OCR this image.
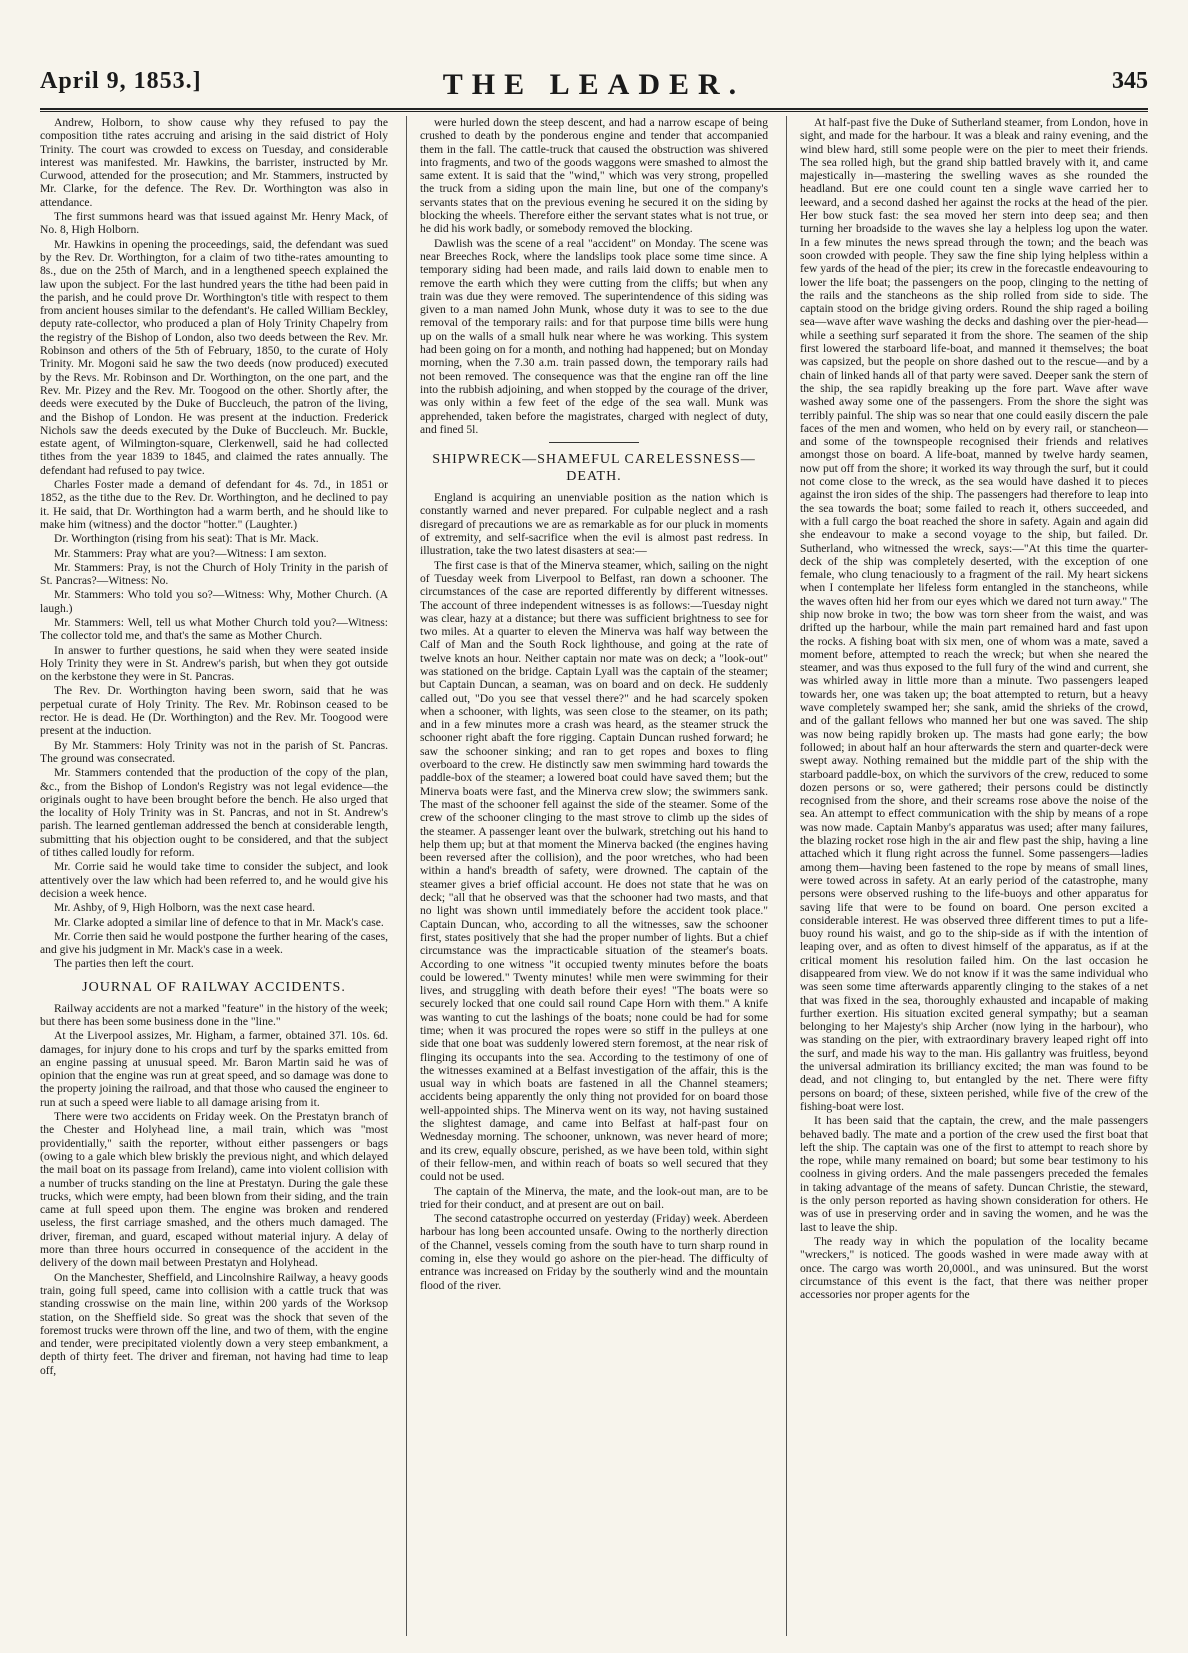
April 9, 1853.]	THE LEADER.	345

Andrew, Holborn, to show cause why they refused to pay the composition tithe rates accruing and arising in the said district of Holy Trinity. The court was crowded to excess on Tuesday, and considerable interest was manifested. Mr. Hawkins, the barrister, instructed by Mr. Curwood, attended for the prosecution; and Mr. Stammers, instructed by Mr. Clarke, for the defence. The Rev. Dr. Worthington was also in attendance.

The first summons heard was that issued against Mr. Henry Mack, of No. 8, High Holborn.

Mr. Hawkins in opening the proceedings, said, the defendant was sued by the Rev. Dr. Worthington, for a claim of two tithe-rates amounting to 8s., due on the 25th of March, and in a lengthened speech explained the law upon the subject. For the last hundred years the tithe had been paid in the parish, and he could prove Dr. Worthington's title with respect to them from ancient houses similar to the defendant's. He called William Beckley, deputy rate-collector, who produced a plan of Holy Trinity Chapelry from the registry of the Bishop of London, also two deeds between the Rev. Mr. Robinson and others of the 5th of February, 1850, to the curate of Holy Trinity. Mr. Mogoni said he saw the two deeds (now produced) executed by the Revs. Mr. Robinson and Dr. Worthington, on the one part, and the Rev. Mr. Pizey and the Rev. Mr. Toogood on the other. Shortly after, the deeds were executed by the Duke of Buccleuch, the patron of the living, and the Bishop of London. He was present at the induction. Frederick Nichols saw the deeds executed by the Duke of Buccleuch. Mr. Buckle, estate agent, of Wilmington-square, Clerkenwell, said he had collected tithes from the year 1839 to 1845, and claimed the rates annually. The defendant had refused to pay twice.

Charles Foster made a demand of defendant for 4s. 7d., in 1851 or 1852, as the tithe due to the Rev. Dr. Worthington, and he declined to pay it. He said, that Dr. Worthington had a warm berth, and he should like to make him (witness) and the doctor "hotter." (Laughter.)

Dr. Worthington (rising from his seat): That is Mr. Mack.

Mr. Stammers: Pray what are you?—Witness: I am sexton.

Mr. Stammers: Pray, is not the Church of Holy Trinity in the parish of St. Pancras?—Witness: No.

Mr. Stammers: Who told you so?—Witness: Why, Mother Church. (A laugh.)

Mr. Stammers: Well, tell us what Mother Church told you?—Witness: The collector told me, and that's the same as Mother Church.

In answer to further questions, he said when they were seated inside Holy Trinity they were in St. Andrew's parish, but when they got outside on the kerbstone they were in St. Pancras.

The Rev. Dr. Worthington having been sworn, said that he was perpetual curate of Holy Trinity. The Rev. Mr. Robinson ceased to be rector. He is dead. He (Dr. Worthington) and the Rev. Mr. Toogood were present at the induction.

By Mr. Stammers: Holy Trinity was not in the parish of St. Pancras. The ground was consecrated.

Mr. Stammers contended that the production of the copy of the plan, &c., from the Bishop of London's Registry was not legal evidence—the originals ought to have been brought before the bench. He also urged that the locality of Holy Trinity was in St. Pancras, and not in St. Andrew's parish. The learned gentleman addressed the bench at considerable length, submitting that his objection ought to be considered, and that the subject of tithes called loudly for reform.

Mr. Corrie said he would take time to consider the subject, and look attentively over the law which had been referred to, and he would give his decision a week hence.

Mr. Ashby, of 9, High Holborn, was the next case heard.

Mr. Clarke adopted a similar line of defence to that in Mr. Mack's case.

Mr. Corrie then said he would postpone the further hearing of the cases, and give his judgment in Mr. Mack's case in a week.

The parties then left the court.

JOURNAL OF RAILWAY ACCIDENTS.

Railway accidents are not a marked "feature" in the history of the week; but there has been some business done in the "line."

At the Liverpool assizes, Mr. Higham, a farmer, obtained 37l. 10s. 6d. damages, for injury done to his crops and turf by the sparks emitted from an engine passing at unusual speed. Mr. Baron Martin said he was of opinion that the engine was run at great speed, and so damage was done to the property joining the railroad, and that those who caused the engineer to run at such a speed were liable to all damage arising from it.

There were two accidents on Friday week. On the Prestatyn branch of the Chester and Holyhead line, a mail train, which was "most providentially," saith the reporter, without either passengers or bags (owing to a gale which blew briskly the previous night, and which delayed the mail boat on its passage from Ireland), came into violent collision with a number of trucks standing on the line at Prestatyn. During the gale these trucks, which were empty, had been blown from their siding, and the train came at full speed upon them. The engine was broken and rendered useless, the first carriage smashed, and the others much damaged. The driver, fireman, and guard, escaped without material injury. A delay of more than three hours occurred in consequence of the accident in the delivery of the down mail between Prestatyn and Holyhead.

On the Manchester, Sheffield, and Lincolnshire Railway, a heavy goods train, going full speed, came into collision with a cattle truck that was standing crosswise on the main line, within 200 yards of the Worksop station, on the Sheffield side. So great was the shock that seven of the foremost trucks were thrown off the line, and two of them, with the engine and tender, were precipitated violently down a very steep embankment, a depth of thirty feet. The driver and fireman, not having had time to leap off,

were hurled down the steep descent, and had a narrow escape of being crushed to death by the ponderous engine and tender that accompanied them in the fall. The cattle-truck that caused the obstruction was shivered into fragments, and two of the goods waggons were smashed to almost the same extent. It is said that the "wind," which was very strong, propelled the truck from a siding upon the main line, but one of the company's servants states that on the previous evening he secured it on the siding by blocking the wheels. Therefore either the servant states what is not true, or he did his work badly, or somebody removed the blocking.

Dawlish was the scene of a real "accident" on Monday. The scene was near Breeches Rock, where the landslips took place some time since. A temporary siding had been made, and rails laid down to enable men to remove the earth which they were cutting from the cliffs; but when any train was due they were removed. The superintendence of this siding was given to a man named John Munk, whose duty it was to see to the due removal of the temporary rails: and for that purpose time bills were hung up on the walls of a small hulk near where he was working. This system had been going on for a month, and nothing had happened; but on Monday morning, when the 7.30 a.m. train passed down, the temporary rails had not been removed. The consequence was that the engine ran off the line into the rubbish adjoining, and when stopped by the courage of the driver, was only within a few feet of the edge of the sea wall. Munk was apprehended, taken before the magistrates, charged with neglect of duty, and fined 5l.

SHIPWRECK—SHAMEFUL CARELESSNESS—DEATH.

England is acquiring an unenviable position as the nation which is constantly warned and never prepared. For culpable neglect and a rash disregard of precautions we are as remarkable as for our pluck in moments of extremity, and self-sacrifice when the evil is almost past redress. In illustration, take the two latest disasters at sea:—

The first case is that of the Minerva steamer, which, sailing on the night of Tuesday week from Liverpool to Belfast, ran down a schooner. The circumstances of the case are reported differently by different witnesses. The account of three independent witnesses is as follows:—Tuesday night was clear, hazy at a distance; but there was sufficient brightness to see for two miles. At a quarter to eleven the Minerva was half way between the Calf of Man and the South Rock lighthouse, and going at the rate of twelve knots an hour. Neither captain nor mate was on deck; a "look-out" was stationed on the bridge. Captain Lyall was the captain of the steamer; but Captain Duncan, a seaman, was on board and on deck. He suddenly called out, "Do you see that vessel there?" and he had scarcely spoken when a schooner, with lights, was seen close to the steamer, on its path; and in a few minutes more a crash was heard, as the steamer struck the schooner right abaft the fore rigging. Captain Duncan rushed forward; he saw the schooner sinking; and ran to get ropes and boxes to fling overboard to the crew. He distinctly saw men swimming hard towards the paddle-box of the steamer; a lowered boat could have saved them; but the Minerva boats were fast, and the Minerva crew slow; the swimmers sank. The mast of the schooner fell against the side of the steamer. Some of the crew of the schooner clinging to the mast strove to climb up the sides of the steamer. A passenger leant over the bulwark, stretching out his hand to help them up; but at that moment the Minerva backed (the engines having been reversed after the collision), and the poor wretches, who had been within a hand's breadth of safety, were drowned. The captain of the steamer gives a brief official account. He does not state that he was on deck; "all that he observed was that the schooner had two masts, and that no light was shown until immediately before the accident took place." Captain Duncan, who, according to all the witnesses, saw the schooner first, states positively that she had the proper number of lights. But a chief circumstance was the impracticable situation of the steamer's boats. According to one witness "it occupied twenty minutes before the boats could be lowered." Twenty minutes! while men were swimming for their lives, and struggling with death before their eyes! "The boats were so securely locked that one could sail round Cape Horn with them." A knife was wanting to cut the lashings of the boats; none could be had for some time; when it was procured the ropes were so stiff in the pulleys at one side that one boat was suddenly lowered stern foremost, at the near risk of flinging its occupants into the sea. According to the testimony of one of the witnesses examined at a Belfast investigation of the affair, this is the usual way in which boats are fastened in all the Channel steamers; accidents being apparently the only thing not provided for on board those well-appointed ships. The Minerva went on its way, not having sustained the slightest damage, and came into Belfast at half-past four on Wednesday morning. The schooner, unknown, was never heard of more; and its crew, equally obscure, perished, as we have been told, within sight of their fellow-men, and within reach of boats so well secured that they could not be used.

The captain of the Minerva, the mate, and the look-out man, are to be tried for their conduct, and at present are out on bail.

The second catastrophe occurred on yesterday (Friday) week. Aberdeen harbour has long been accounted unsafe. Owing to the northerly direction of the Channel, vessels coming from the south have to turn sharp round in coming in, else they would go ashore on the pier-head. The difficulty of entrance was increased on Friday by the southerly wind and the mountain flood of the river.

At half-past five the Duke of Sutherland steamer, from London, hove in sight, and made for the harbour. It was a bleak and rainy evening, and the wind blew hard, still some people were on the pier to meet their friends. The sea rolled high, but the grand ship battled bravely with it, and came majestically in—mastering the swelling waves as she rounded the headland. But ere one could count ten a single wave carried her to leeward, and a second dashed her against the rocks at the head of the pier. Her bow stuck fast: the sea moved her stern into deep sea; and then turning her broadside to the waves she lay a helpless log upon the water. In a few minutes the news spread through the town; and the beach was soon crowded with people. They saw the fine ship lying helpless within a few yards of the head of the pier; its crew in the forecastle endeavouring to lower the life boat; the passengers on the poop, clinging to the netting of the rails and the stancheons as the ship rolled from side to side. The captain stood on the bridge giving orders. Round the ship raged a boiling sea—wave after wave washing the decks and dashing over the pier-head—while a seething surf separated it from the shore. The seamen of the ship first lowered the starboard life-boat, and manned it themselves; the boat was capsized, but the people on shore dashed out to the rescue—and by a chain of linked hands all of that party were saved. Deeper sank the stern of the ship, the sea rapidly breaking up the fore part. Wave after wave washed away some one of the passengers. From the shore the sight was terribly painful. The ship was so near that one could easily discern the pale faces of the men and women, who held on by every rail, or stancheon—and some of the townspeople recognised their friends and relatives amongst those on board. A life-boat, manned by twelve hardy seamen, now put off from the shore; it worked its way through the surf, but it could not come close to the wreck, as the sea would have dashed it to pieces against the iron sides of the ship. The passengers had therefore to leap into the sea towards the boat; some failed to reach it, others succeeded, and with a full cargo the boat reached the shore in safety. Again and again did she endeavour to make a second voyage to the ship, but failed. Dr. Sutherland, who witnessed the wreck, says:—"At this time the quarter-deck of the ship was completely deserted, with the exception of one female, who clung tenaciously to a fragment of the rail. My heart sickens when I contemplate her lifeless form entangled in the stancheons, while the waves often hid her from our eyes which we dared not turn away." The ship now broke in two; the bow was torn sheer from the waist, and was drifted up the harbour, while the main part remained hard and fast upon the rocks. A fishing boat with six men, one of whom was a mate, saved a moment before, attempted to reach the wreck; but when she neared the steamer, and was thus exposed to the full fury of the wind and current, she was whirled away in little more than a minute. Two passengers leaped towards her, one was taken up; the boat attempted to return, but a heavy wave completely swamped her; she sank, amid the shrieks of the crowd, and of the gallant fellows who manned her but one was saved. The ship was now being rapidly broken up. The masts had gone early; the bow followed; in about half an hour afterwards the stern and quarter-deck were swept away. Nothing remained but the middle part of the ship with the starboard paddle-box, on which the survivors of the crew, reduced to some dozen persons or so, were gathered; their persons could be distinctly recognised from the shore, and their screams rose above the noise of the sea. An attempt to effect communication with the ship by means of a rope was now made. Captain Manby's apparatus was used; after many failures, the blazing rocket rose high in the air and flew past the ship, having a line attached which it flung right across the funnel. Some passengers—ladies among them—having been fastened to the rope by means of small lines, were towed across in safety. At an early period of the catastrophe, many persons were observed rushing to the life-buoys and other apparatus for saving life that were to be found on board. One person excited a considerable interest. He was observed three different times to put a life-buoy round his waist, and go to the ship-side as if with the intention of leaping over, and as often to divest himself of the apparatus, as if at the critical moment his resolution failed him. On the last occasion he disappeared from view. We do not know if it was the same individual who was seen some time afterwards apparently clinging to the stakes of a net that was fixed in the sea, thoroughly exhausted and incapable of making further exertion. His situation excited general sympathy; but a seaman belonging to her Majesty's ship Archer (now lying in the harbour), who was standing on the pier, with extraordinary bravery leaped right off into the surf, and made his way to the man. His gallantry was fruitless, beyond the universal admiration its brilliancy excited; the man was found to be dead, and not clinging to, but entangled by the net. There were fifty persons on board; of these, sixteen perished, while five of the crew of the fishing-boat were lost.

It has been said that the captain, the crew, and the male passengers behaved badly. The mate and a portion of the crew used the first boat that left the ship. The captain was one of the first to attempt to reach shore by the rope, while many remained on board; but some bear testimony to his coolness in giving orders. And the male passengers preceded the females in taking advantage of the means of safety. Duncan Christie, the steward, is the only person reported as having shown consideration for others. He was of use in preserving order and in saving the women, and he was the last to leave the ship.

The ready way in which the population of the locality became "wreckers," is noticed. The goods washed in were made away with at once. The cargo was worth 20,000l., and was uninsured. But the worst circumstance of this event is the fact, that there was neither proper accessories nor proper agents for the
